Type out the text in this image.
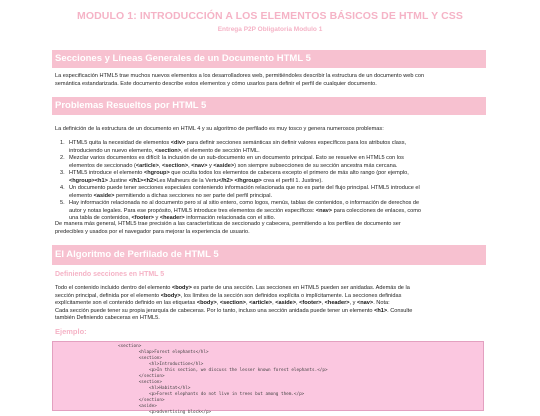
MODULO 1: INTRODUCCIÓN A LOS ELEMENTOS BÁSICOS DE HTML Y CSS
Entrega P2P Obligatoria Modulo 1
Secciones y Líneas Generales de un Documento HTML 5

La especificación HTML5 trae muchos nuevos elementos a los desarrolladores web, permitiéndoles describir la estructura de un documento web con
semántica estandarizada. Este documento describe estos elementos y cómo usarlos para definir el perfil de cualquier documento.

Problemas Resueltos por HTML 5

La definición de la estructura de un documento en HTML 4 y su algoritmo de perfilado es muy tosco y genera numerosos problemas:

1. HTML5 quita la necesidad de elementos <div> para definir secciones semánticas sin definir valores específicos para los atributos class,
introduciendo un nuevo elemento, <section>, el elemento de sección HTML.
2. Mezclar varios documentos es difícil: la inclusión de un sub-documento en un documento principal. Esto se resuelve en HTML5 con los
elementos de seccionado (<article>, <section>, <nav> y <aside>) son siempre subsecciones de su sección ancestra más cercana.
3. HTML5 introduce el elemento <hgroup> que oculta todos los elementos de cabecera excepto el primero de más alto rango (por ejemplo,
<hgroup><h1> Justine </h1><h2>Les Malheurs de la Vertu</h2> </hgroup> crea el perfil 1. Justine).
4. Un documento puede tener secciones especiales conteniendo información relacionada que no es parte del flujo principal. HTML5 introduce el
elemento <aside> permitiendo a dichas secciones no ser parte del perfil principal.
5. Hay información relacionada no al documento pero sí al sitio entero, como logos, menús, tablas de contenidos, o información de derechos de
autor y notas legales. Para ese propósito, HTML5 introduce tres elementos de sección específicos: <nav> para colecciones de enlaces, como
una tabla de contenidos, <footer> y <header> información relacionada con el sitio.

De manera más general, HTML5 trae precisión a las características de seccionado y cabecera, permitiendo a los perfiles de documento ser
predecibles y usados por el navegador para mejorar la experiencia de usuario.

El Algoritmo de Perfilado de HTML 5
Definiendo secciones en HTML 5

Todo el contenido incluido dentro del elemento <body> es parte de una sección. Las secciones en HTML5 pueden ser anidadas. Además de la
sección principal, definida por el elemento <body>, los límites de la sección son definidos explícita o implícitamente. La secciones definidas
explícitamente son el contenido definido en las etiquetas <body>, <section>, <article>, <aside>, <footer>, <header>, y <nav>. Nota:
Cada sección puede tener su propia jerarquía de cabeceras. Por lo tanto, incluso una sección anidada puede tener un elemento <h1>. Consulte
también Definiendo cabeceras en HTML5.

Ejemplo:
<section>
<hlap>Forest elephants</hl>
<section>
<hl>Introduction</hl>
<p>In this section, we discuss the lesser known forest elephants.</p>
</section>
<section>
<hl>Habitat</hl>
<p>Forest elephants do not live in trees but among them.</p>
</section>
<aside>
<p>advertising block</p>
